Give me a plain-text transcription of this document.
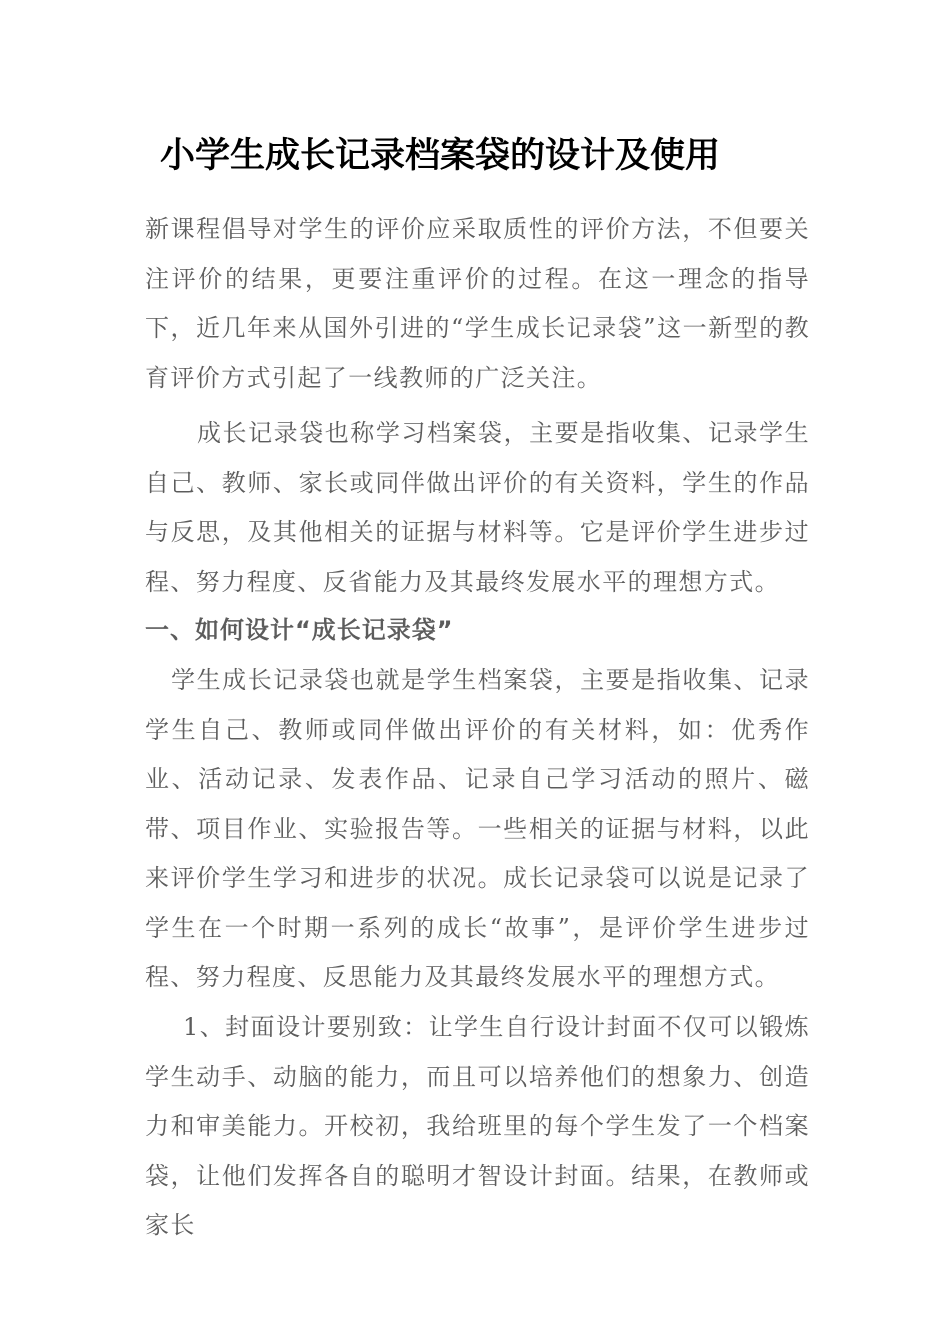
小学生成长记录档案袋的设计及使用
新课程倡导对学生的评价应采取质性的评价方法，不但要关注评价的结果，更要注重评价的过程。在这一理念的指导下，近几年来从国外引进的“学生成长记录袋”这一新型的教育评价方式引起了一线教师的广泛关注。
成长记录袋也称学习档案袋，主要是指收集、记录学生自己、教师、家长或同伴做出评价的有关资料，学生的作品与反思，及其他相关的证据与材料等。它是评价学生进步过程、努力程度、反省能力及其最终发展水平的理想方式。
一、如何设计“成长记录袋”
学生成长记录袋也就是学生档案袋，主要是指收集、记录学生自己、教师或同伴做出评价的有关材料，如：优秀作业、活动记录、发表作品、记录自己学习活动的照片、磁带、项目作业、实验报告等。一些相关的证据与材料，以此来评价学生学习和进步的状况。成长记录袋可以说是记录了学生在一个时期一系列的成长“故事”，是评价学生进步过程、努力程度、反思能力及其最终发展水平的理想方式。
1、封面设计要别致：让学生自行设计封面不仅可以锻炼学生动手、动脑的能力，而且可以培养他们的想象力、创造力和审美能力。开校初，我给班里的每个学生发了一个档案袋，让他们发挥各自的聪明才智设计封面。结果，在教师或家长
